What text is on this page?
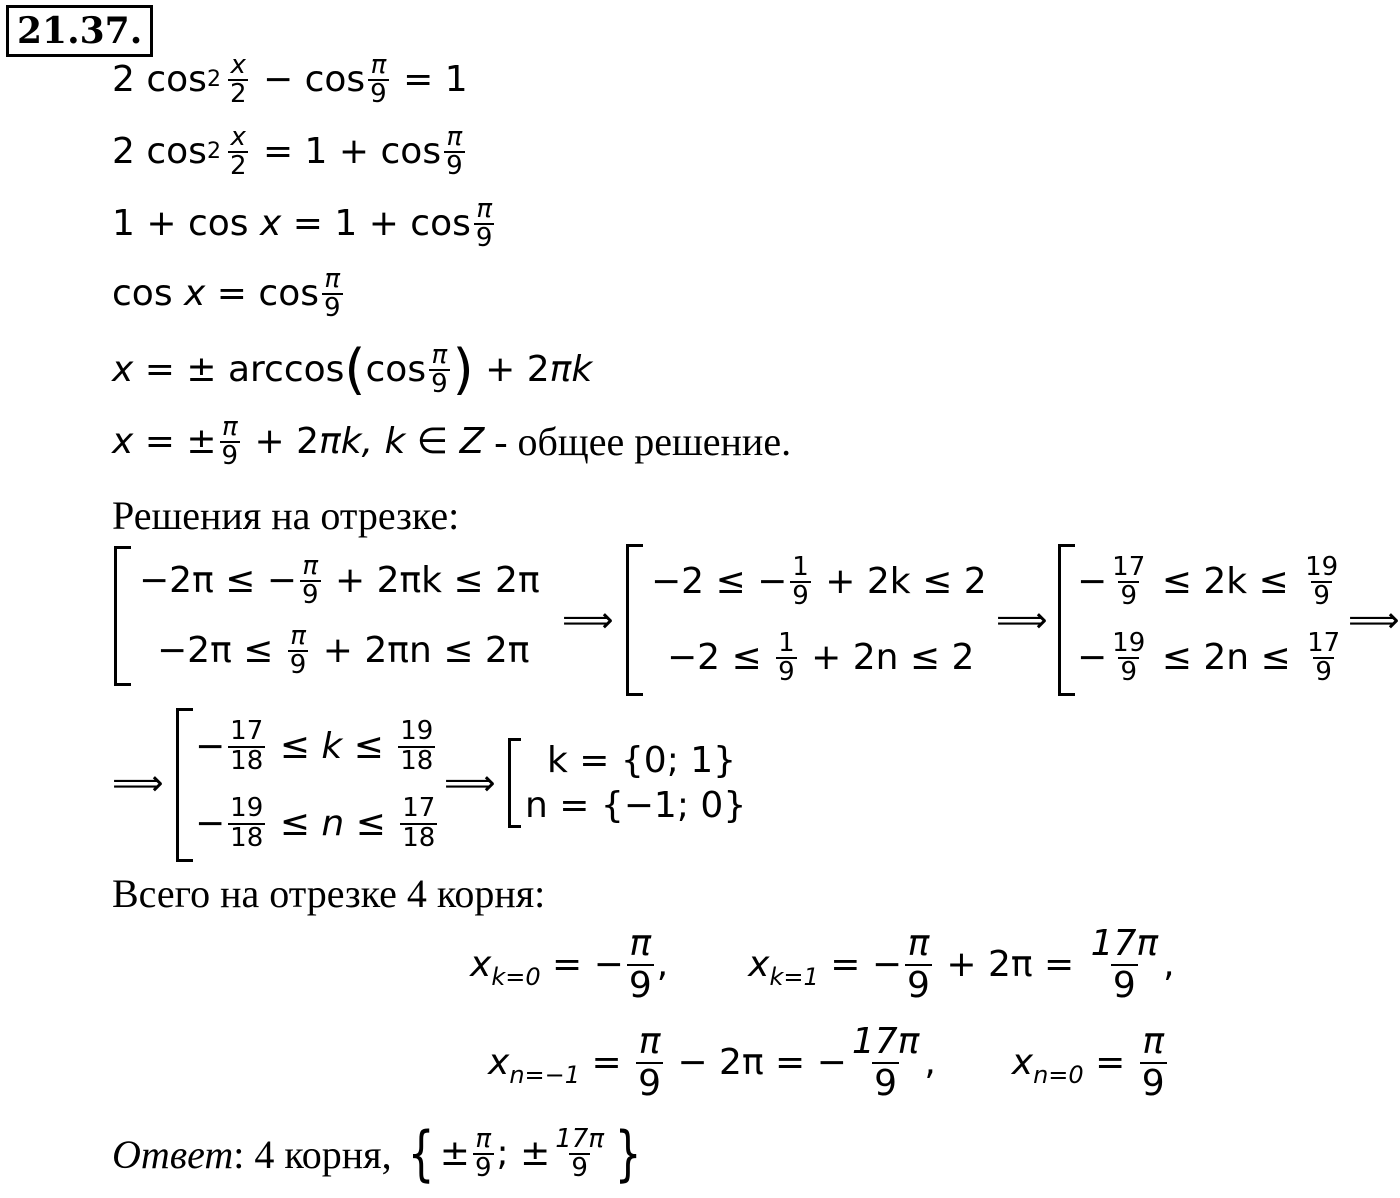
21.37.
2
$\cos 2 \frac{x}{2}$
−
$\cos \frac{\pi}{9}$
=
1
2
$\cos 2 \frac{x}{2}$
= $1 + \cos \frac{\pi}{9}$
$1 + \cos x = 1 + \cos \frac{\pi}{9}$
$\cos x = \cos \frac{\pi}{9}$
x = ± arccos ( $\cos \frac{\pi}{9}$ ) + 2 πk
x = ± $\frac{\pi}{9} + 2$ πk, k ∈ Z - общее решение.
Решения на отрезке:
−2π ≤ − $\frac{\pi}{9} + 2\pi k \le 2\pi$
$-2\pi \le \frac{\pi}{9} + 2\pi n \le 2\pi$
⟹
−2 ≤ − $\frac{1}{9} + 2k \le 2$
$-2 \le \frac{1}{9} + 2n \le 2$
⟹
− $\frac{17}{9} \le 2k \le \frac{19}{9}$
− $\frac{19}{9} \le 2n \le \frac{17}{9}$
⟹
⟹
− $\frac{17}{18} \le k \le \frac{19}{18}$
− $\frac{19}{18} \le n \le \frac{17}{18}$
⟹
k = {0; 1}
n = {−1; 0}
Всего на отрезке 4 корня:
x k=0 = − $\frac{\pi}{9}$ , x k=1 = − $\frac{\pi}{9} + 2\pi = \frac{17\pi}{9}$ ,
x $n=-1 = \frac{\pi}{9} - 2\pi$ = − $\frac{17\pi}{9}$ , x $n=0 = \frac{\pi}{9}$
Ответ : 4 корня, { ± $\frac{\pi}{9}$ ; ± $\frac{17\pi}{9}$ }
